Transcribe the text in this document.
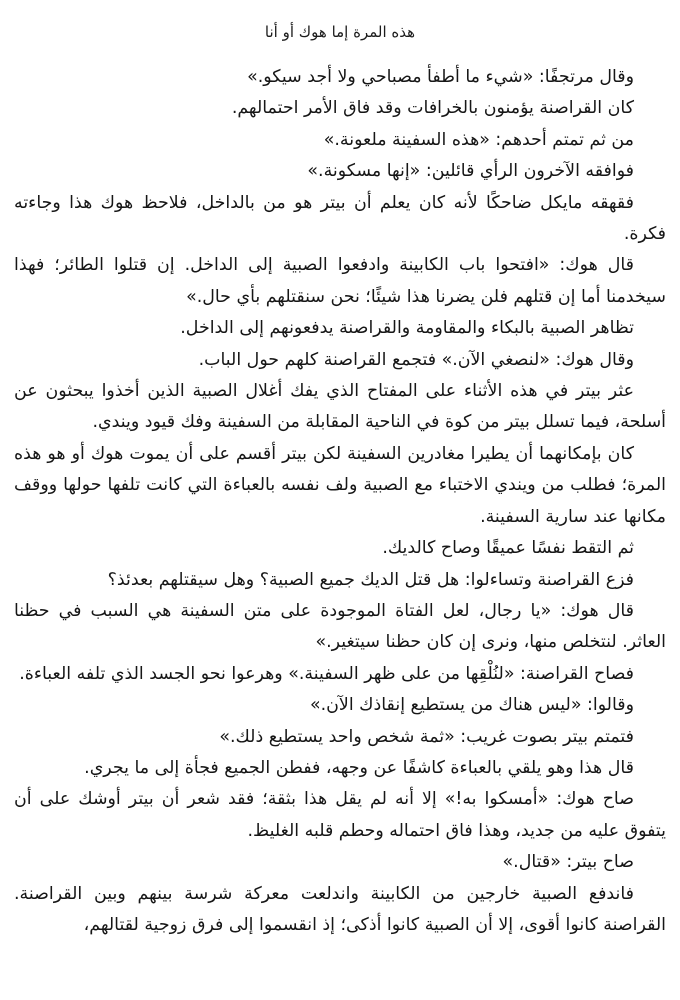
هذه المرة إما هوك أو أنا

وقال مرتجفًا: «شيء ما أطفأ مصباحي ولا أجد سيكو.»

كان القراصنة يؤمنون بالخرافات وقد فاق الأمر احتمالهم.

من ثم تمتم أحدهم: «هذه السفينة ملعونة.»

فوافقه الآخرون الرأي قائلين: «إنها مسكونة.»

فقهقه مايكل ضاحكًا لأنه كان يعلم أن بيتر هو من بالداخل، فلاحظ هوك هذا وجاءته فكرة.

قال هوك: «افتحوا باب الكابينة وادفعوا الصبية إلى الداخل. إن قتلوا الطائر؛ فهذا سيخدمنا أما إن قتلهم فلن يضرنا هذا شيئًا؛ نحن سنقتلهم بأي حال.»

تظاهر الصبية بالبكاء والمقاومة والقراصنة يدفعونهم إلى الداخل.

وقال هوك: «لنصغي الآن.» فتجمع القراصنة كلهم حول الباب.

عثر بيتر في هذه الأثناء على المفتاح الذي يفك أغلال الصبية الذين أخذوا يبحثون عن أسلحة، فيما تسلل بيتر من كوة في الناحية المقابلة من السفينة وفك قيود ويندي.

كان بإمكانهما أن يطيرا مغادرين السفينة لكن بيتر أقسم على أن يموت هوك أو هو هذه المرة؛ فطلب من ويندي الاختباء مع الصبية ولف نفسه بالعباءة التي كانت تلفها حولها ووقف مكانها عند سارية السفينة.

ثم التقط نفسًا عميقًا وصاح كالديك.

فزع القراصنة وتساءلوا: هل قتل الديك جميع الصبية؟ وهل سيقتلهم بعدئذ؟

قال هوك: «يا رجال، لعل الفتاة الموجودة على متن السفينة هي السبب في حظنا العاثر. لنتخلص منها، ونرى إن كان حظنا سيتغير.»

فصاح القراصنة: «لنُلْقِها من على ظهر السفينة.» وهرعوا نحو الجسد الذي تلفه العباءة.

وقالوا: «ليس هناك من يستطيع إنقاذك الآن.»

فتمتم بيتر بصوت غريب: «ثمة شخص واحد يستطيع ذلك.»

قال هذا وهو يلقي بالعباءة كاشفًا عن وجهه، ففطن الجميع فجأة إلى ما يجري.

صاح هوك: «أمسكوا به!» إلا أنه لم يقل هذا بثقة؛ فقد شعر أن بيتر أوشك على أن يتفوق عليه من جديد، وهذا فاق احتماله وحطم قلبه الغليظ.

صاح بيتر: «قتال.»

فاندفع الصبية خارجين من الكابينة واندلعت معركة شرسة بينهم وبين القراصنة. القراصنة كانوا أقوى، إلا أن الصبية كانوا أذكى؛ إذ انقسموا إلى فرق زوجية لقتالهم،
